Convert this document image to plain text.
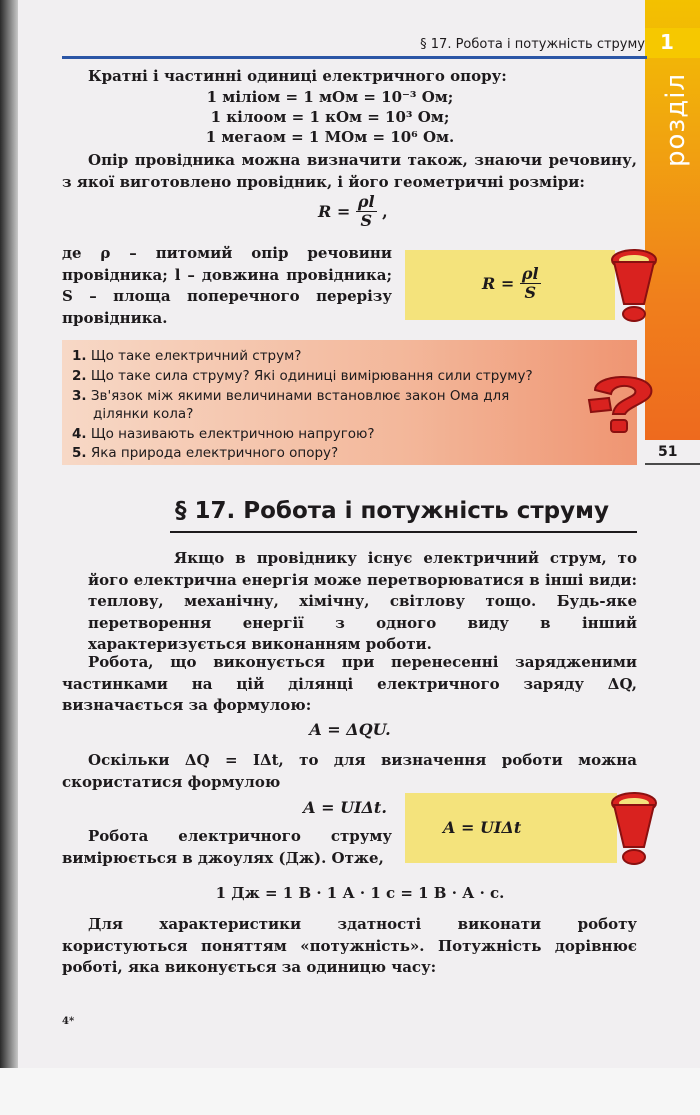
1
розділ
51
§ 17. Робота і потужність струму
Кратні і частинні одиниці електричного опору:
1 міліом = 1 мОм = 10⁻³ Ом;
1 кілоом = 1 кОм = 10³ Ом;
1 мегаом = 1 МОм = 10⁶ Ом.
Опір провідника можна визначити також, знаючи речовину, з якої виготовлено провідник, і його геометричні розміри:
$R = \frac{\rho l}{S}$ ,
де ρ – питомий опір речовини провідника; l – довжина провідника; S – площа поперечного перерізу провідника.
$R = \frac{\rho l}{S}$
1. Що таке електричний струм?
2. Що таке сила струму? Які одиниці вимірювання сили струму?
3. Зв'язок між якими величинами встановлює закон Ома для
ділянки кола?
4. Що називають електричною напругою?
5. Яка природа електричного опору?
§ 17. Робота і потужність струму
Якщо в провіднику існує електричний струм, то його електрична енергія може перетворюватися в інші види: теплову, механічну, хімічну, світлову тощо. Будь-яке перетворення енергії з одного виду в інший характеризується виконанням роботи.
Робота, що виконується при перенесенні зарядженими частинками на цій ділянці електричного заряду ΔQ, визначається за формулою:
A = ΔQU.
Оскільки ΔQ = IΔt, то для визначення роботи можна скористатися формулою
A = UIΔt.
A = UIΔt
Робота електричного струму вимірюється в джоулях (Дж). Отже,
1 Дж = 1 В · 1 А · 1 с = 1 В · А · с.
Для характеристики здатності виконати роботу користуються поняттям «потужність». Потужність дорівнює роботі, яка виконується за одиницю часу:
4*
